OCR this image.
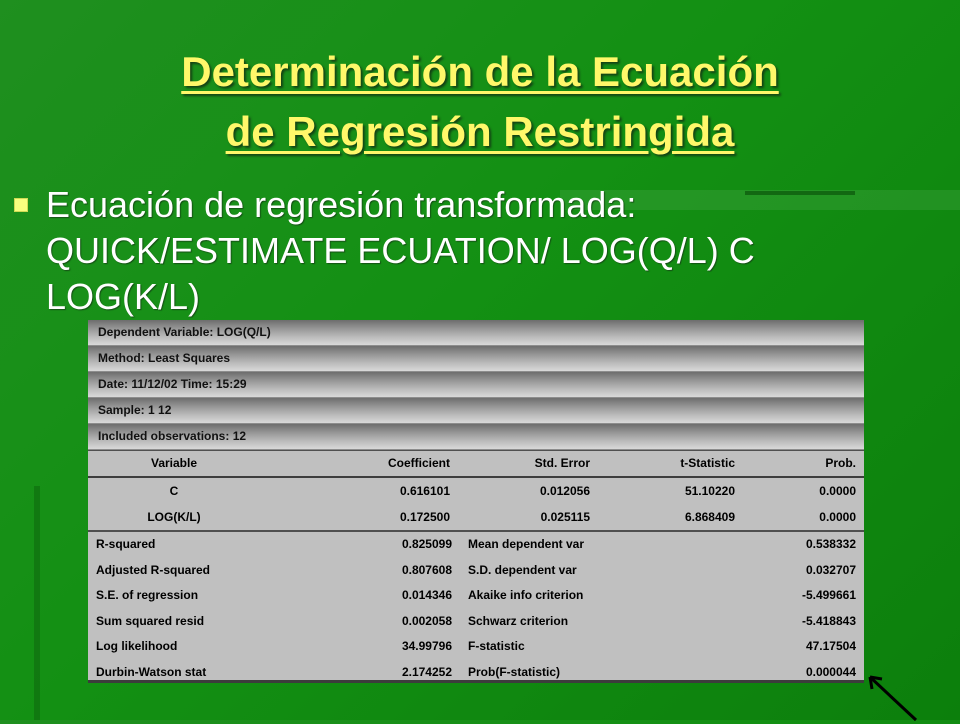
Determinación de la Ecuación
de Regresión Restringida
Ecuación de regresión transformada:
QUICK/ESTIMATE ECUATION/ LOG(Q/L) C
LOG(K/L)
Dependent Variable: LOG(Q/L)
Method: Least Squares
Date: 11/12/02 Time: 15:29
Sample: 1 12
Included observations: 12
Variable	Coefficient	Std. Error	t-Statistic	Prob.
C	0.616101	0.012056	51.10220	0.0000
LOG(K/L)	0.172500	0.025115	6.868409	0.0000
R-squared	0.825099	Mean dependent var	0.538332
Adjusted R-squared	0.807608	S.D. dependent var	0.032707
S.E. of regression	0.014346	Akaike info criterion	-5.499661
Sum squared resid	0.002058	Schwarz criterion	-5.418843
Log likelihood	34.99796	F-statistic	47.17504
Durbin-Watson stat	2.174252	Prob(F-statistic)	0.000044
